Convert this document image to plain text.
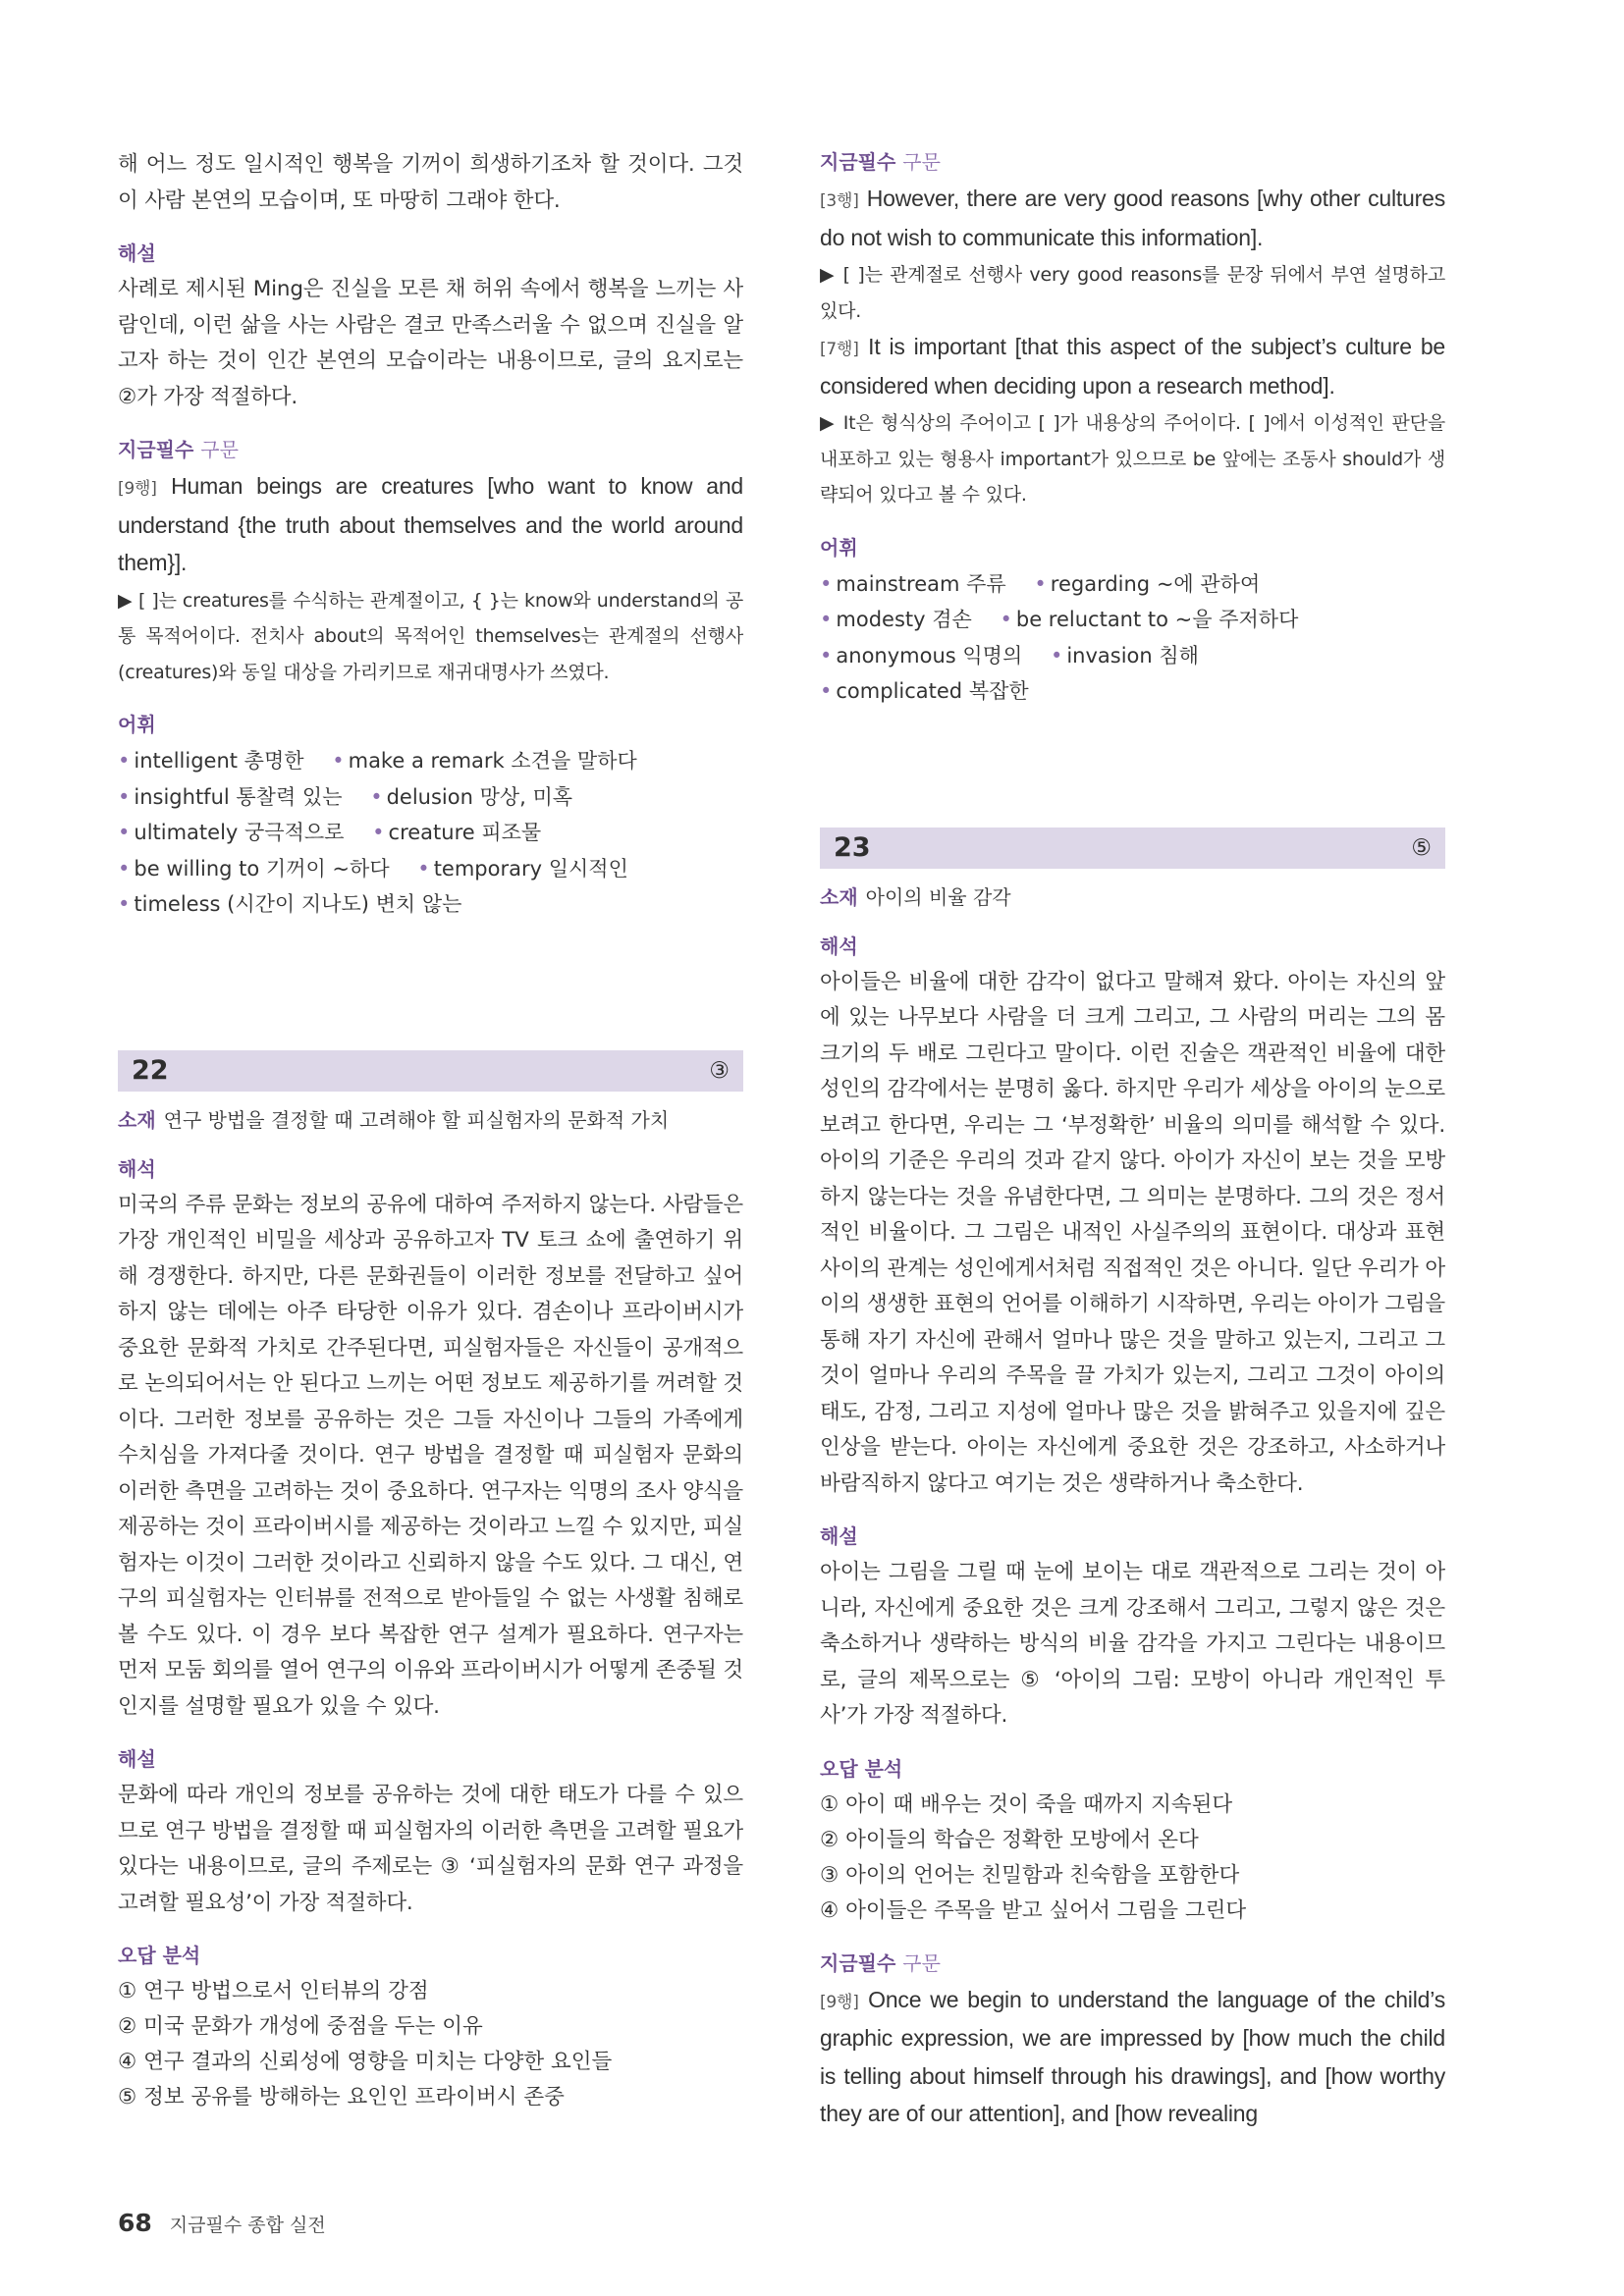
해 어느 정도 일시적인 행복을 기꺼이 희생하기조차 할 것이다. 그것이 사람 본연의 모습이며, 또 마땅히 그래야 한다.

해설

사례로 제시된 Ming은 진실을 모른 채 허위 속에서 행복을 느끼는 사람인데, 이런 삶을 사는 사람은 결코 만족스러울 수 없으며 진실을 알고자 하는 것이 인간 본연의 모습이라는 내용이므로, 글의 요지로는 ②가 가장 적절하다.

지금필수 구문

[9행] Human beings are creatures [who want to know and understand {the truth about themselves and the world around them}].

▶ [ ]는 creatures를 수식하는 관계절이고, { }는 know와 understand의 공통 목적어이다. 전치사 about의 목적어인 themselves는 관계절의 선행사(creatures)와 동일 대상을 가리키므로 재귀대명사가 쓰였다.

어휘

• intelligent 총명한 • make a remark 소견을 말하다 • insightful 통찰력 있는 • delusion 망상, 미혹 • ultimately 궁극적으로 • creature 피조물 • be willing to 기꺼이 ~하다 • temporary 일시적인 • timeless (시간이 지나도) 변치 않는

22	③

소재 연구 방법을 결정할 때 고려해야 할 피실험자의 문화적 가치

해석

미국의 주류 문화는 정보의 공유에 대하여 주저하지 않는다. 사람들은 가장 개인적인 비밀을 세상과 공유하고자 TV 토크 쇼에 출연하기 위해 경쟁한다. 하지만, 다른 문화권들이 이러한 정보를 전달하고 싶어 하지 않는 데에는 아주 타당한 이유가 있다. 겸손이나 프라이버시가 중요한 문화적 가치로 간주된다면, 피실험자들은 자신들이 공개적으로 논의되어서는 안 된다고 느끼는 어떤 정보도 제공하기를 꺼려할 것이다. 그러한 정보를 공유하는 것은 그들 자신이나 그들의 가족에게 수치심을 가져다줄 것이다. 연구 방법을 결정할 때 피실험자 문화의 이러한 측면을 고려하는 것이 중요하다. 연구자는 익명의 조사 양식을 제공하는 것이 프라이버시를 제공하는 것이라고 느낄 수 있지만, 피실험자는 이것이 그러한 것이라고 신뢰하지 않을 수도 있다. 그 대신, 연구의 피실험자는 인터뷰를 전적으로 받아들일 수 없는 사생활 침해로 볼 수도 있다. 이 경우 보다 복잡한 연구 설계가 필요하다. 연구자는 먼저 모둠 회의를 열어 연구의 이유와 프라이버시가 어떻게 존중될 것인지를 설명할 필요가 있을 수 있다.

해설

문화에 따라 개인의 정보를 공유하는 것에 대한 태도가 다를 수 있으므로 연구 방법을 결정할 때 피실험자의 이러한 측면을 고려할 필요가 있다는 내용이므로, 글의 주제로는 ③ ‘피실험자의 문화 연구 과정을 고려할 필요성’이 가장 적절하다.

오답 분석
① 연구 방법으로서 인터뷰의 강점
② 미국 문화가 개성에 중점을 두는 이유
④ 연구 결과의 신뢰성에 영향을 미치는 다양한 요인들
⑤ 정보 공유를 방해하는 요인인 프라이버시 존중
지금필수 구문

[3행] However, there are very good reasons [why other cultures do not wish to communicate this information].

▶ [ ]는 관계절로 선행사 very good reasons를 문장 뒤에서 부연 설명하고 있다.

[7행] It is important [that this aspect of the subject’s culture be considered when deciding upon a research method].

▶ It은 형식상의 주어이고 [ ]가 내용상의 주어이다. [ ]에서 이성적인 판단을 내포하고 있는 형용사 important가 있으므로 be 앞에는 조동사 should가 생략되어 있다고 볼 수 있다.

어휘

• mainstream 주류 • regarding ~에 관하여 • modesty 겸손 • be reluctant to ~을 주저하다 • anonymous 익명의 • invasion 침해 • complicated 복잡한

23	⑤

소재 아이의 비율 감각

해석

아이들은 비율에 대한 감각이 없다고 말해져 왔다. 아이는 자신의 앞에 있는 나무보다 사람을 더 크게 그리고, 그 사람의 머리는 그의 몸 크기의 두 배로 그린다고 말이다. 이런 진술은 객관적인 비율에 대한 성인의 감각에서는 분명히 옳다. 하지만 우리가 세상을 아이의 눈으로 보려고 한다면, 우리는 그 ‘부정확한’ 비율의 의미를 해석할 수 있다. 아이의 기준은 우리의 것과 같지 않다. 아이가 자신이 보는 것을 모방하지 않는다는 것을 유념한다면, 그 의미는 분명하다. 그의 것은 정서적인 비율이다. 그 그림은 내적인 사실주의의 표현이다. 대상과 표현 사이의 관계는 성인에게서처럼 직접적인 것은 아니다. 일단 우리가 아이의 생생한 표현의 언어를 이해하기 시작하면, 우리는 아이가 그림을 통해 자기 자신에 관해서 얼마나 많은 것을 말하고 있는지, 그리고 그것이 얼마나 우리의 주목을 끌 가치가 있는지, 그리고 그것이 아이의 태도, 감정, 그리고 지성에 얼마나 많은 것을 밝혀주고 있을지에 깊은 인상을 받는다. 아이는 자신에게 중요한 것은 강조하고, 사소하거나 바람직하지 않다고 여기는 것은 생략하거나 축소한다.

해설

아이는 그림을 그릴 때 눈에 보이는 대로 객관적으로 그리는 것이 아니라, 자신에게 중요한 것은 크게 강조해서 그리고, 그렇지 않은 것은 축소하거나 생략하는 방식의 비율 감각을 가지고 그린다는 내용이므로, 글의 제목으로는 ⑤ ‘아이의 그림: 모방이 아니라 개인적인 투사’가 가장 적절하다.

오답 분석
① 아이 때 배우는 것이 죽을 때까지 지속된다
② 아이들의 학습은 정확한 모방에서 온다
③ 아이의 언어는 친밀함과 친숙함을 포함한다
④ 아이들은 주목을 받고 싶어서 그림을 그린다
지금필수 구문

[9행] Once we begin to understand the language of the child’s graphic expression, we are impressed by [how much the child is telling about himself through his drawings], and [how worthy they are of our attention], and [how revealing

68 지금필수 종합 실전
